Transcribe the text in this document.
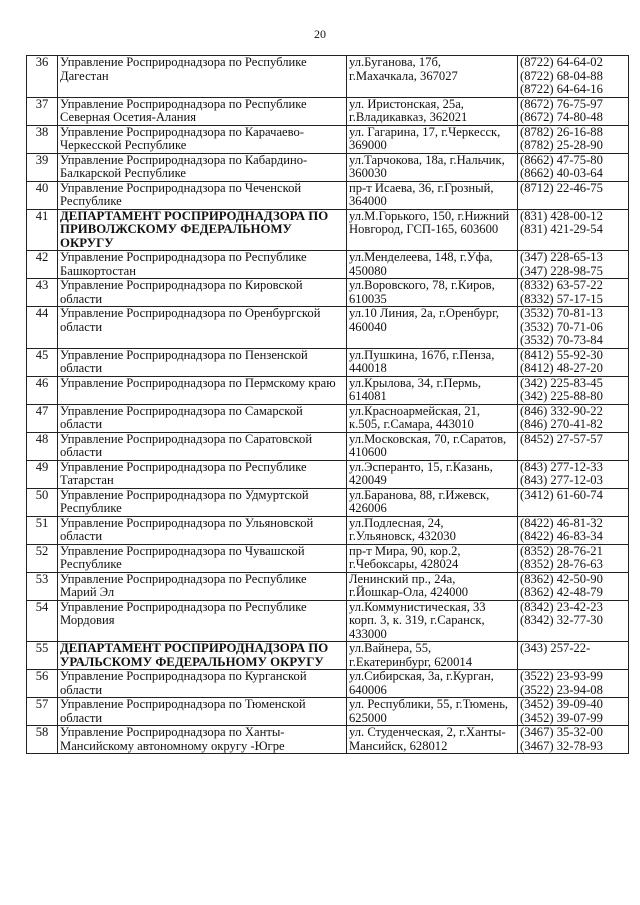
20
36	Управление Росприроднадзора по Республике
Дагестан	ул.Буганова, 17б,
г.Махачкала, 367027	(8722) 64-64-02
(8722) 68-04-88
(8722) 64-64-16

37	Управление Росприроднадзора по Республике
Северная Осетия-Алания	ул. Иристонская, 25а,
г.Владикавказ, 362021	(8672) 76-75-97
(8672) 74-80-48

38	Управление Росприроднадзора по Карачаево-
Черкесской Республике	ул. Гагарина, 17, г.Черкесск,
369000	(8782) 26-16-88
(8782) 25-28-90

39	Управление Росприроднадзора по Кабардино-
Балкарской Республике	ул.Тарчокова, 18а, г.Нальчик,
360030	(8662) 47-75-80
(8662) 40-03-64

40	Управление Росприроднадзора по Чеченской
Республике	пр-т Исаева, 36, г.Грозный,
364000	(8712) 22-46-75

41	ДЕПАРТАМЕНТ РОСПРИРОДНАДЗОРА ПО
ПРИВОЛЖСКОМУ ФЕДЕРАЛЬНОМУ
ОКРУГУ	ул.М.Горького, 150, г.Нижний
Новгород, ГСП-165, 603600	(831) 428-00-12
(831) 421-29-54

42	Управление Росприроднадзора по Республике
Башкортостан	ул.Менделеева, 148, г.Уфа,
450080	(347) 228-65-13
(347) 228-98-75

43	Управление Росприроднадзора по Кировской
области	ул.Воровского, 78, г.Киров,
610035	(8332) 63-57-22
(8332) 57-17-15

44	Управление Росприроднадзора по Оренбургской
области	ул.10 Линия, 2а, г.Оренбург,
460040	(3532) 70-81-13
(3532) 70-71-06
(3532) 70-73-84

45	Управление Росприроднадзора по Пензенской
области	ул.Пушкина, 167б, г.Пенза,
440018	(8412) 55-92-30
(8412) 48-27-20

46	Управление Росприроднадзора по Пермскому краю	ул.Крылова, 34, г.Пермь,
614081	(342) 225-83-45
(342) 225-88-80

47	Управление Росприроднадзора по Самарской
области	ул.Красноармейская, 21,
к.505, г.Самара, 443010	(846) 332-90-22
(846) 270-41-82

48	Управление Росприроднадзора по Саратовской
области	ул.Московская, 70, г.Саратов,
410600	(8452) 27-57-57

49	Управление Росприроднадзора по Республике
Татарстан	ул.Эсперанто, 15, г.Казань,
420049	(843) 277-12-33
(843) 277-12-03

50	Управление Росприроднадзора по Удмуртской
Республике	ул.Баранова, 88, г.Ижевск,
426006	(3412) 61-60-74

51	Управление Росприроднадзора по Ульяновской
области	ул.Подлесная, 24,
г.Ульяновск, 432030	(8422) 46-81-32
(8422) 46-83-34

52	Управление Росприроднадзора по Чувашской
Республике	пр-т Мира, 90, кор.2,
г.Чебоксары, 428024	(8352) 28-76-21
(8352) 28-76-63

53	Управление Росприроднадзора по Республике
Марий Эл	Ленинский пр., 24а,
г.Йошкар-Ола, 424000	(8362) 42-50-90
(8362) 42-48-79

54	Управление Росприроднадзора по Республике
Мордовия	ул.Коммунистическая, 33
корп. 3, к. 319, г.Саранск,
433000	(8342) 23-42-23
(8342) 32-77-30

55	ДЕПАРТАМЕНТ РОСПРИРОДНАДЗОРА ПО
УРАЛЬСКОМУ ФЕДЕРАЛЬНОМУ ОКРУГУ	ул.Вайнера, 55,
г.Екатеринбург, 620014	(343) 257-22-

56	Управление Росприроднадзора по Курганской
области	ул.Сибирская, 3а, г.Курган,
640006	(3522) 23-93-99
(3522) 23-94-08

57	Управление Росприроднадзора по Тюменской
области	ул. Республики, 55, г.Тюмень,
625000	(3452) 39-09-40
(3452) 39-07-99

58	Управление Росприроднадзора по Ханты-
Мансийскому автономному округу -Югре	ул. Студенческая, 2, г.Ханты-
Мансийск, 628012	(3467) 35-32-00
(3467) 32-78-93
